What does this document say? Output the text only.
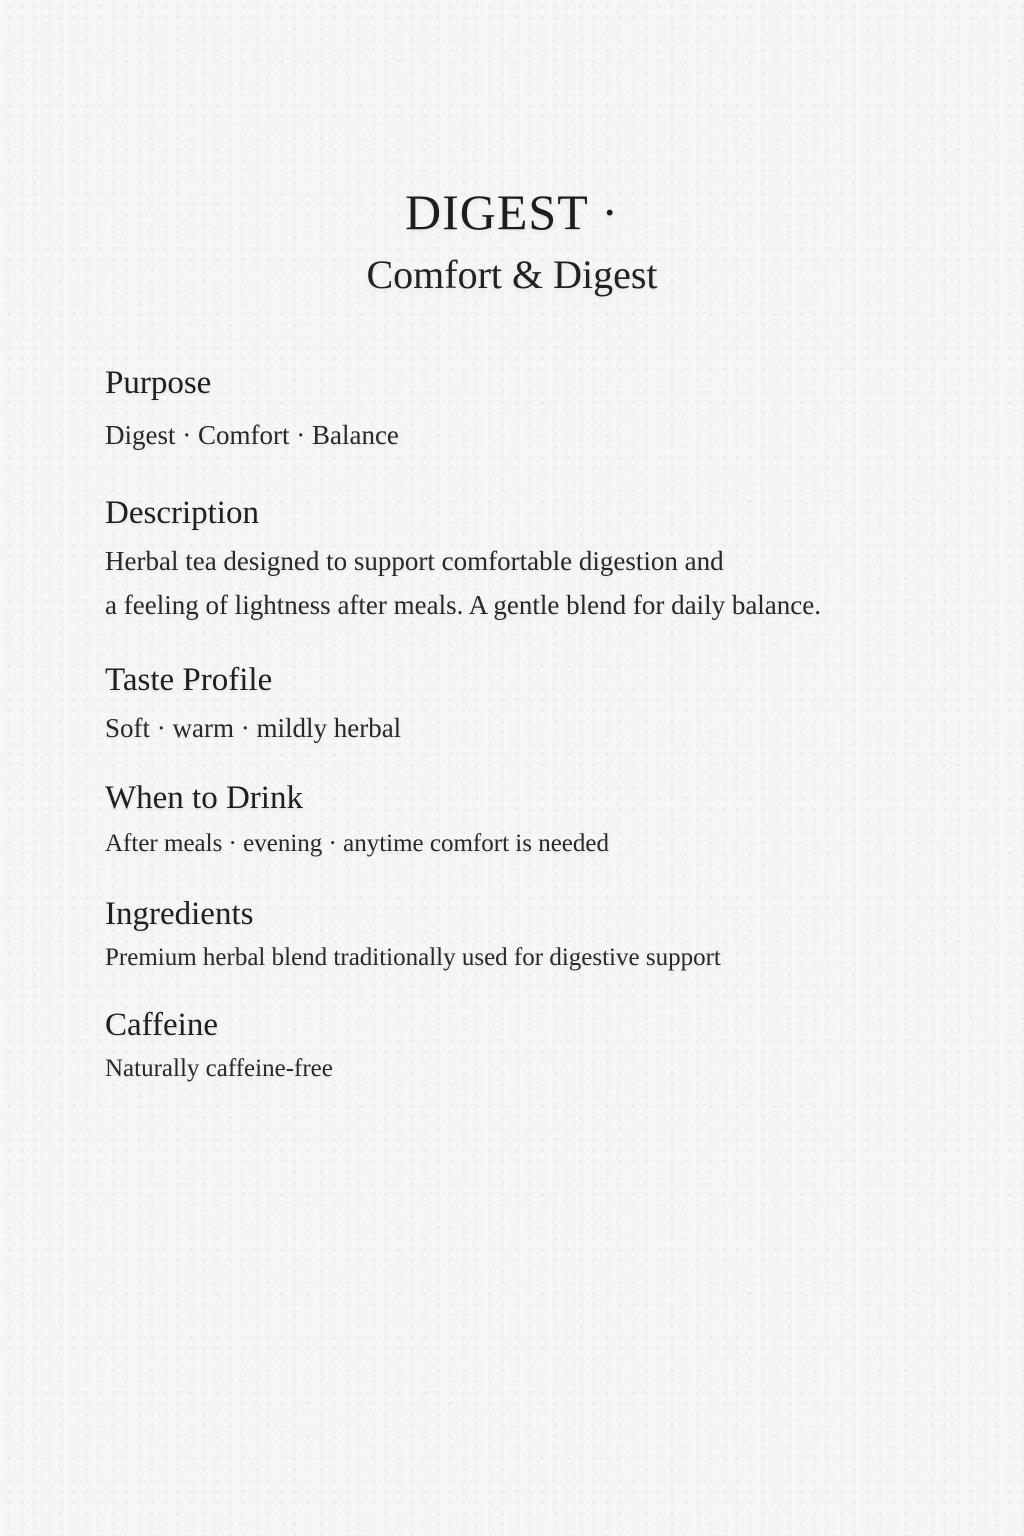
DIGEST ·
Comfort & Digest
Purpose

Digest · Comfort · Balance

Description

Herbal tea designed to support comfortable digestion and

a feeling of lightness after meals. A gentle blend for daily balance.

Taste Profile

Soft · warm · mildly herbal

When to Drink

After meals · evening · anytime comfort is needed

Ingredients

Premium herbal blend traditionally used for digestive support

Caffeine

Naturally caffeine-free
